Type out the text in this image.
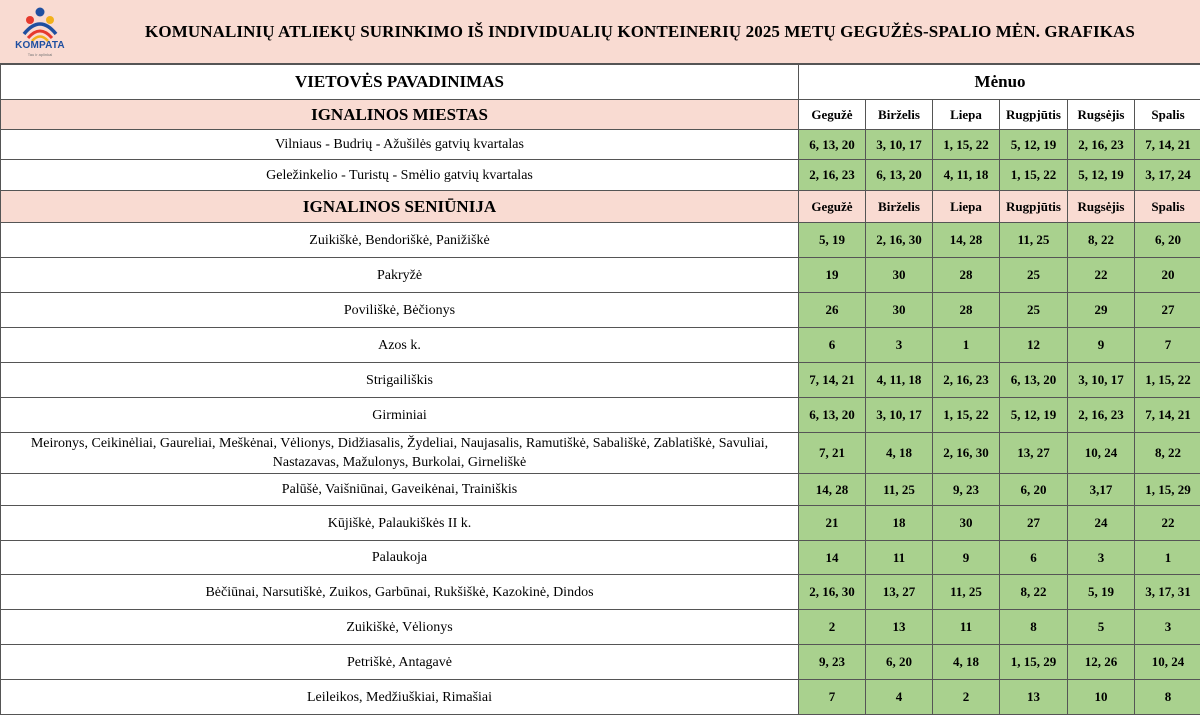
KOMPATA
Tau ir aplinkai
KOMUNALINIŲ ATLIEKŲ SURINKIMO IŠ INDIVIDUALIŲ KONTEINERIŲ 2025 METŲ GEGUŽĖS-SPALIO MĖN. GRAFIKAS
VIETOVĖS PAVADINIMAS	Mėnuo					
IGNALINOS MIESTAS	Gegužė	Birželis	Liepa	Rugpjūtis	Rugsėjis	Spalis
Vilniaus - Budrių - Ažušilės gatvių kvartalas	6, 13, 20	3, 10, 17	1, 15, 22	5, 12, 19	2, 16, 23	7, 14, 21
Geležinkelio - Turistų - Smėlio gatvių kvartalas	2, 16, 23	6, 13, 20	4, 11, 18	1, 15, 22	5, 12, 19	3, 17, 24
IGNALINOS SENIŪNIJA	Gegužė	Birželis	Liepa	Rugpjūtis	Rugsėjis	Spalis
Zuikiškė, Bendoriškė, Panižiškė	5, 19	2, 16, 30	14, 28	11, 25	8, 22	6, 20
Pakryžė	19	30	28	25	22	20
Poviliškė, Bėčionys	26	30	28	25	29	27
Azos k.	6	3	1	12	9	7
Strigailiškis	7, 14, 21	4, 11, 18	2, 16, 23	6, 13, 20	3, 10, 17	1, 15, 22
Girminiai	6, 13, 20	3, 10, 17	1, 15, 22	5, 12, 19	2, 16, 23	7, 14, 21
Meironys, Ceikinėliai, Gaureliai, Meškėnai, Vėlionys, Didžiasalis, Žydeliai, Naujasalis, Ramutiškė, Sabališkė, Zablatiškė, Savuliai, Nastazavas, Mažulonys, Burkolai, Girneliškė	7, 21	4, 18	2, 16, 30	13, 27	10, 24	8, 22
Palūšė, Vaišniūnai, Gaveikėnai, Trainiškis	14, 28	11, 25	9, 23	6, 20	3,17	1, 15, 29
Kūjiškė, Palaukiškės II k.	21	18	30	27	24	22
Palaukoja	14	11	9	6	3	1
Bėčiūnai, Narsutiškė, Zuikos, Garbūnai, Rukšiškė, Kazokinė, Dindos	2, 16, 30	13, 27	11, 25	8, 22	5, 19	3, 17, 31
Zuikiškė, Vėlionys	2	13	11	8	5	3
Petriškė, Antagavė	9, 23	6, 20	4, 18	1, 15, 29	12, 26	10, 24
Leileikos, Medžiuškiai, Rimašiai	7	4	2	13	10	8
